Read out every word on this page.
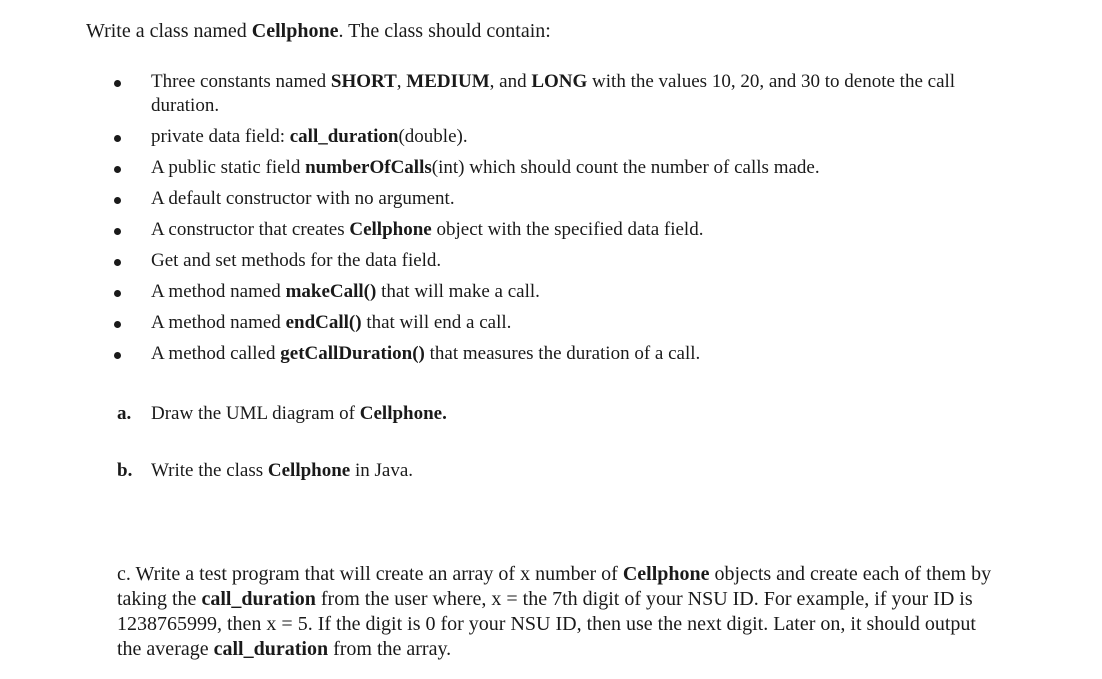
Write a class named Cellphone. The class should contain:
Three constants named SHORT, MEDIUM, and LONG with the values 10, 20, and 30 to denote the call duration.
private data field: call_duration(double).
A public static field numberOfCalls(int) which should count the number of calls made.
A default constructor with no argument.
A constructor that creates Cellphone object with the specified data field.
Get and set methods for the data field.
A method named makeCall() that will make a call.
A method named endCall() that will end a call.
A method called getCallDuration() that measures the duration of a call.
a. Draw the UML diagram of Cellphone.
b. Write the class Cellphone in Java.
c. Write a test program that will create an array of x number of Cellphone objects and create each of them by taking the call_duration from the user where, x = the 7th digit of your NSU ID. For example, if your ID is 1238765999, then x = 5. If the digit is 0 for your NSU ID, then use the next digit. Later on, it should output the average call_duration from the array.
